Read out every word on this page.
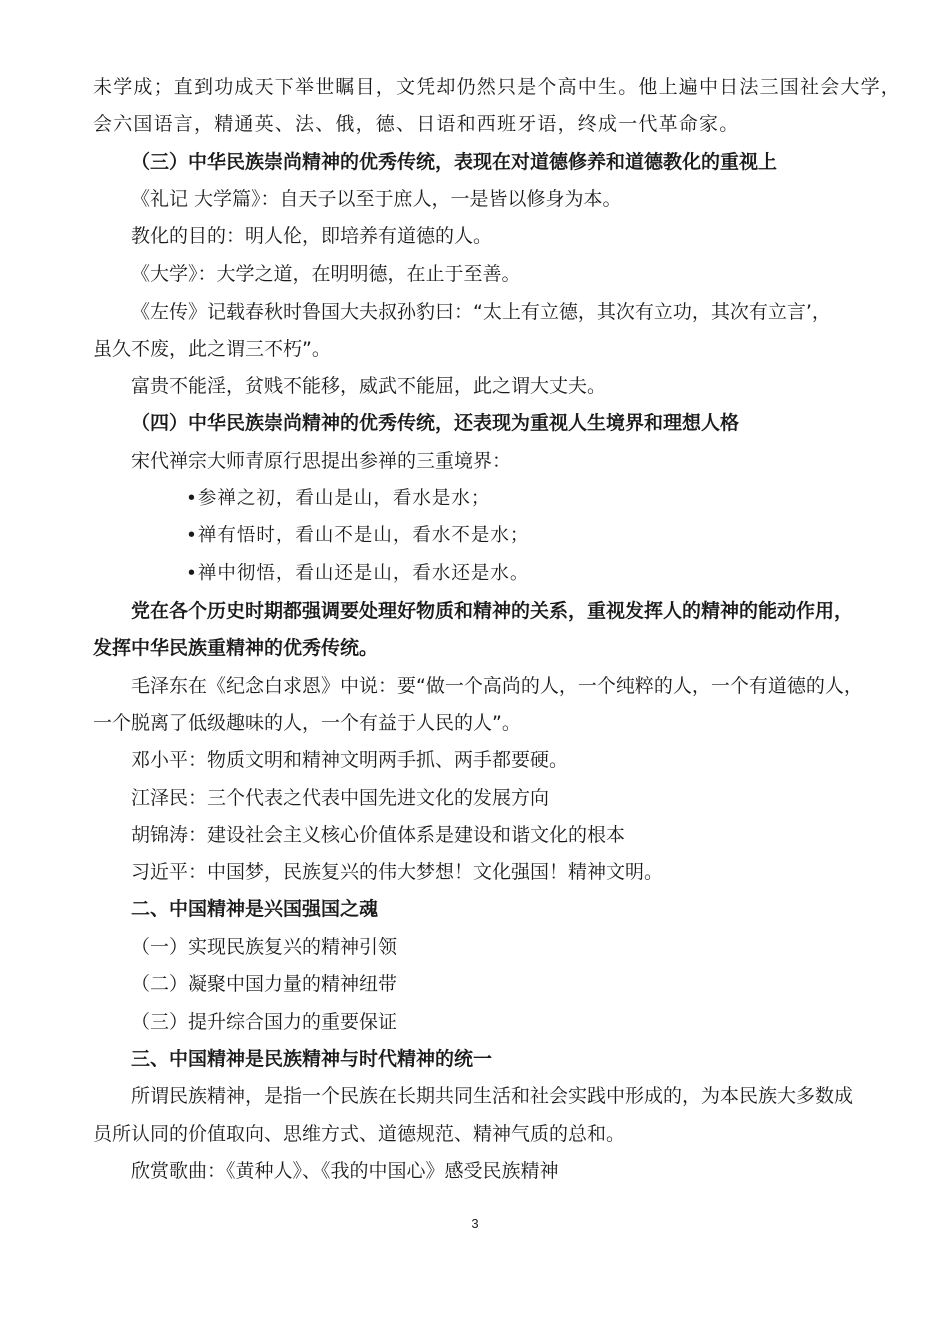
未学成；直到功成天下举世瞩目，文凭却仍然只是个高中生。他上遍中日法三国社会大学，
会六国语言，精通英、法、俄，德、日语和西班牙语，终成一代革命家。
（三）中华民族崇尚精神的优秀传统，表现在对道德修养和道德教化的重视上
《礼记 大学篇》：自天子以至于庶人，一是皆以修身为本。
教化的目的：明人伦，即培养有道德的人。
《大学》：大学之道，在明明德，在止于至善。
《左传》记载春秋时鲁国大夫叔孙豹曰：“太上有立德，其次有立功，其次有立言’，
虽久不废，此之谓三不朽”。
富贵不能淫，贫贱不能移，威武不能屈，此之谓大丈夫。
（四）中华民族崇尚精神的优秀传统，还表现为重视人生境界和理想人格
宋代禅宗大师青原行思提出参禅的三重境界：
•参禅之初，看山是山，看水是水；
•禅有悟时，看山不是山，看水不是水；
•禅中彻悟，看山还是山，看水还是水。
党在各个历史时期都强调要处理好物质和精神的关系，重视发挥人的精神的能动作用，
发挥中华民族重精神的优秀传统。
毛泽东在《纪念白求恩》中说：要“做一个高尚的人，一个纯粹的人，一个有道德的人，
一个脱离了低级趣味的人，一个有益于人民的人”。
邓小平：物质文明和精神文明两手抓、两手都要硬。
江泽民：三个代表之代表中国先进文化的发展方向
胡锦涛：建设社会主义核心价值体系是建设和谐文化的根本
习近平：中国梦，民族复兴的伟大梦想！文化强国！精神文明。
二、中国精神是兴国强国之魂
（一）实现民族复兴的精神引领
（二）凝聚中国力量的精神纽带
（三）提升综合国力的重要保证
三、中国精神是民族精神与时代精神的统一
所谓民族精神，是指一个民族在长期共同生活和社会实践中形成的，为本民族大多数成
员所认同的价值取向、思维方式、道德规范、精神气质的总和。
欣赏歌曲：《黄种人》、《我的中国心》感受民族精神
3
